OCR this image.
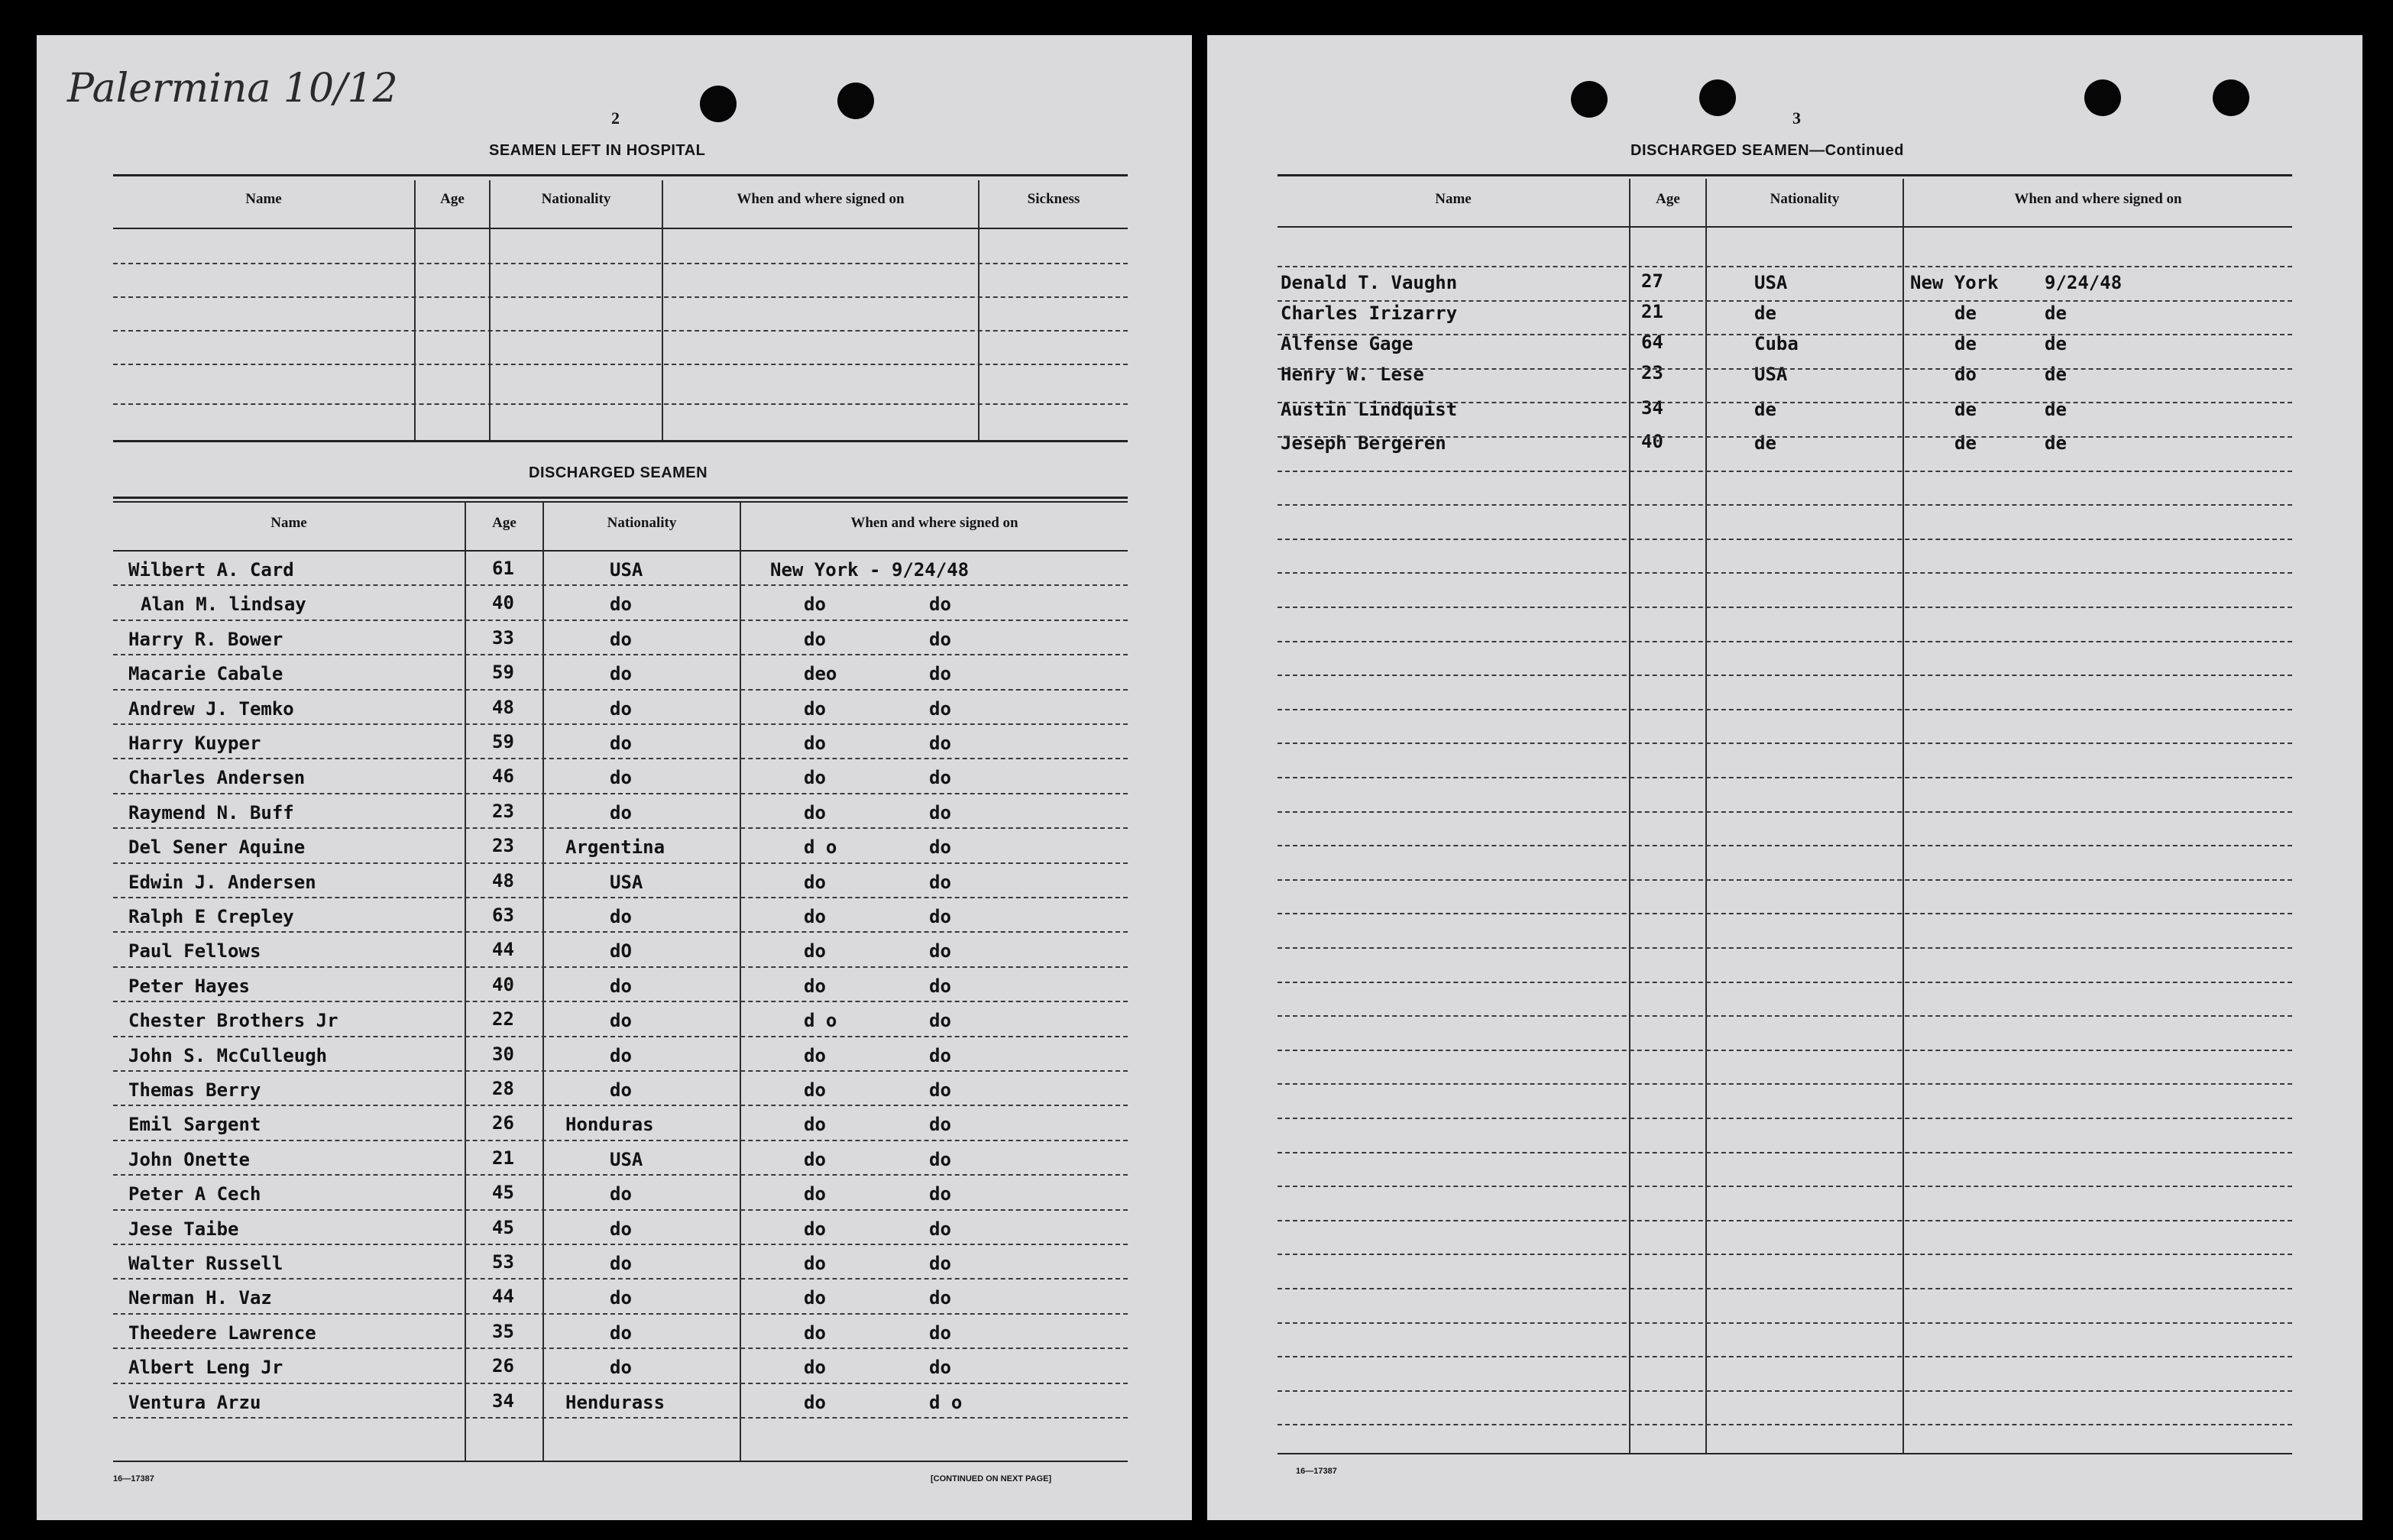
Palermina 10/12
2
SEAMEN LEFT IN HOSPITAL
Name	Age	Nationality	When and where signed on	Sickness
DISCHARGED SEAMEN
Name	Age	Nationality	When and where signed on
Wilbert A. Card	61	USA	New York - 9/24/48
Alan M. lindsay	40	do	do	do
Harry R. Bower	33	do	do	do
Macarie Cabale	59	do	deo	do
Andrew J. Temko	48	do	do	do
Harry Kuyper	59	do	do	do
Charles Andersen	46	do	do	do
Raymend N. Buff	23	do	do	do
Del Sener Aquine	23	Argentina	d o	do
Edwin J. Andersen	48	USA	do	do
Ralph E Crepley	63	do	do	do
Paul Fellows	44	dO	do	do
Peter Hayes	40	do	do	do
Chester Brothers Jr	22	do	d o	do
John S. McCulleugh	30	do	do	do
Themas Berry	28	do	do	do
Emil Sargent	26	Honduras	do	do
John Onette	21	USA	do	do
Peter A Cech	45	do	do	do
Jese Taibe	45	do	do	do
Walter Russell	53	do	do	do
Nerman H. Vaz	44	do	do	do
Theedere Lawrence	35	do	do	do
Albert Leng Jr	26	do	do	do
Ventura Arzu	34	Hendurass	do	d o
16—17387	[CONTINUED ON NEXT PAGE]
3
DISCHARGED SEAMEN—Continued
Name	Age	Nationality	When and where signed on
Denald T. Vaughn	27	USA	New York	9/24/48
Charles Irizarry	21	de	de	de
Alfense Gage	64	Cuba	de	de
Henry W. Lese	23	USA	do	de
Austin Lindquist	34	de	de	de
Jeseph Bergeren	40	de	de	de
16—17387
